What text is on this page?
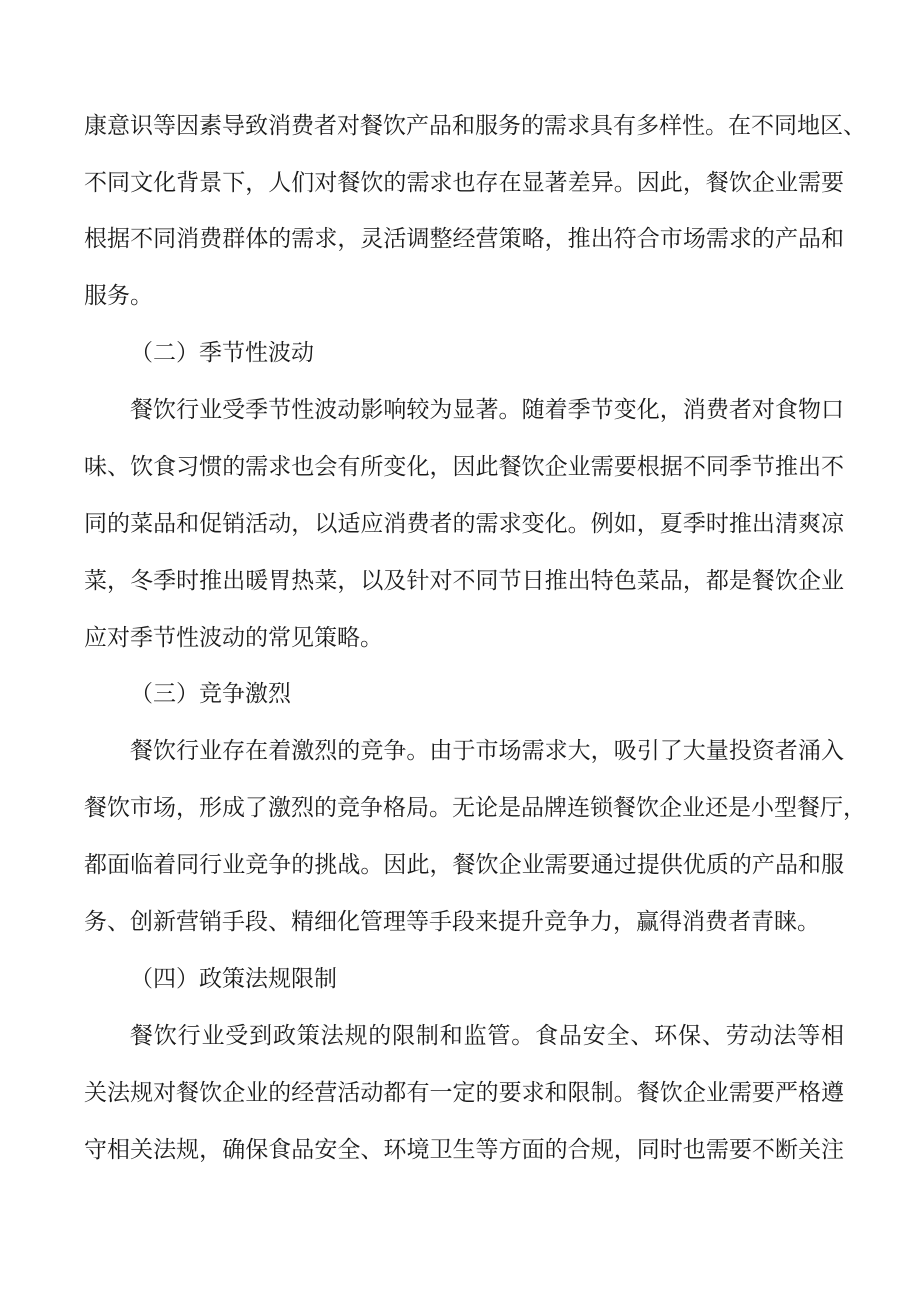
康意识等因素导致消费者对餐饮产品和服务的需求具有多样性。在不同地区、
不同文化背景下，人们对餐饮的需求也存在显著差异。因此，餐饮企业需要
根据不同消费群体的需求，灵活调整经营策略，推出符合市场需求的产品和
服务。
（二）季节性波动
餐饮行业受季节性波动影响较为显著。随着季节变化，消费者对食物口
味、饮食习惯的需求也会有所变化，因此餐饮企业需要根据不同季节推出不
同的菜品和促销活动，以适应消费者的需求变化。例如，夏季时推出清爽凉
菜，冬季时推出暖胃热菜，以及针对不同节日推出特色菜品，都是餐饮企业
应对季节性波动的常见策略。
（三）竞争激烈
餐饮行业存在着激烈的竞争。由于市场需求大，吸引了大量投资者涌入
餐饮市场，形成了激烈的竞争格局。无论是品牌连锁餐饮企业还是小型餐厅，
都面临着同行业竞争的挑战。因此，餐饮企业需要通过提供优质的产品和服
务、创新营销手段、精细化管理等手段来提升竞争力，赢得消费者青睐。
（四）政策法规限制
餐饮行业受到政策法规的限制和监管。食品安全、环保、劳动法等相
关法规对餐饮企业的经营活动都有一定的要求和限制。餐饮企业需要严格遵
守相关法规，确保食品安全、环境卫生等方面的合规，同时也需要不断关注
